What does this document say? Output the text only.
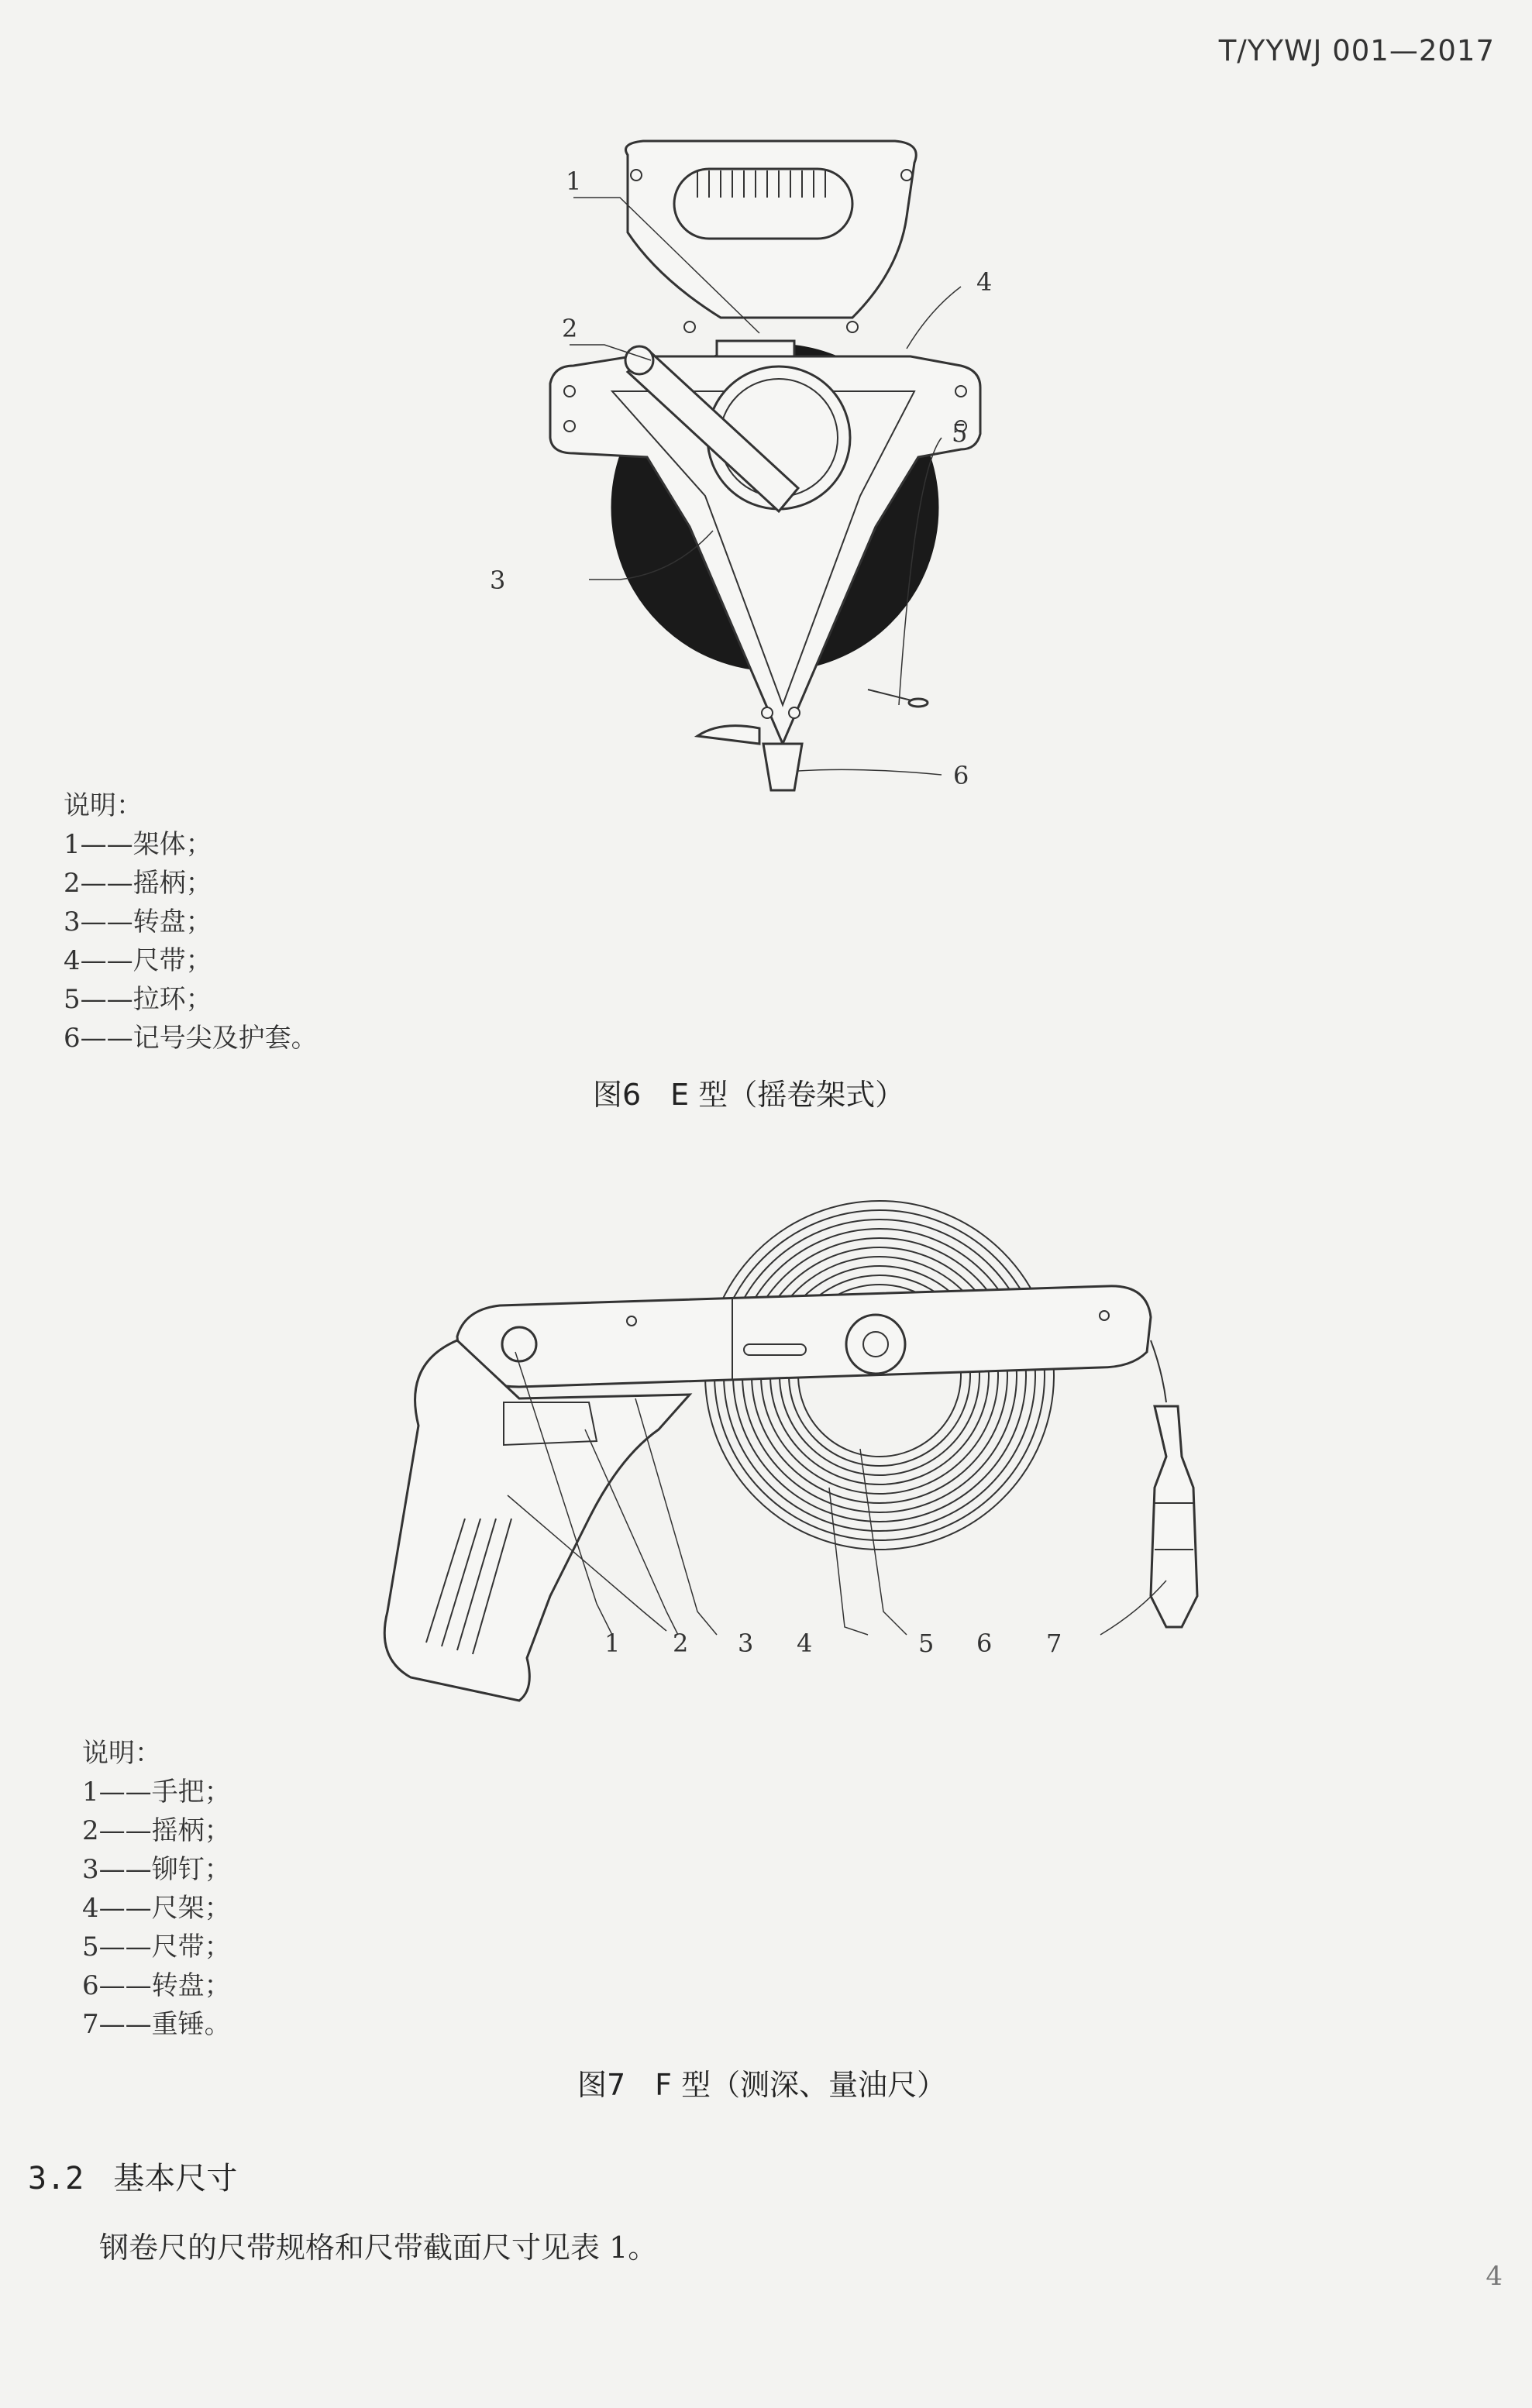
T/YYWJ 001—2017
1
2
3
4
5
6
说明：
1——架体；
2——摇柄；
3——转盘；
4——尺带；
5——拉环；
6——记号尖及护套。
图6　E 型（摇卷架式）
1 2 3 4	5 6 7
说明：
1——手把；
2——摇柄；
3——铆钉；
4——尺架；
5——尺带；
6——转盘；
7——重锤。
图7　F 型（测深、量油尺）
3.2 基本尺寸
钢卷尺的尺带规格和尺带截面尺寸见表 1。
4
